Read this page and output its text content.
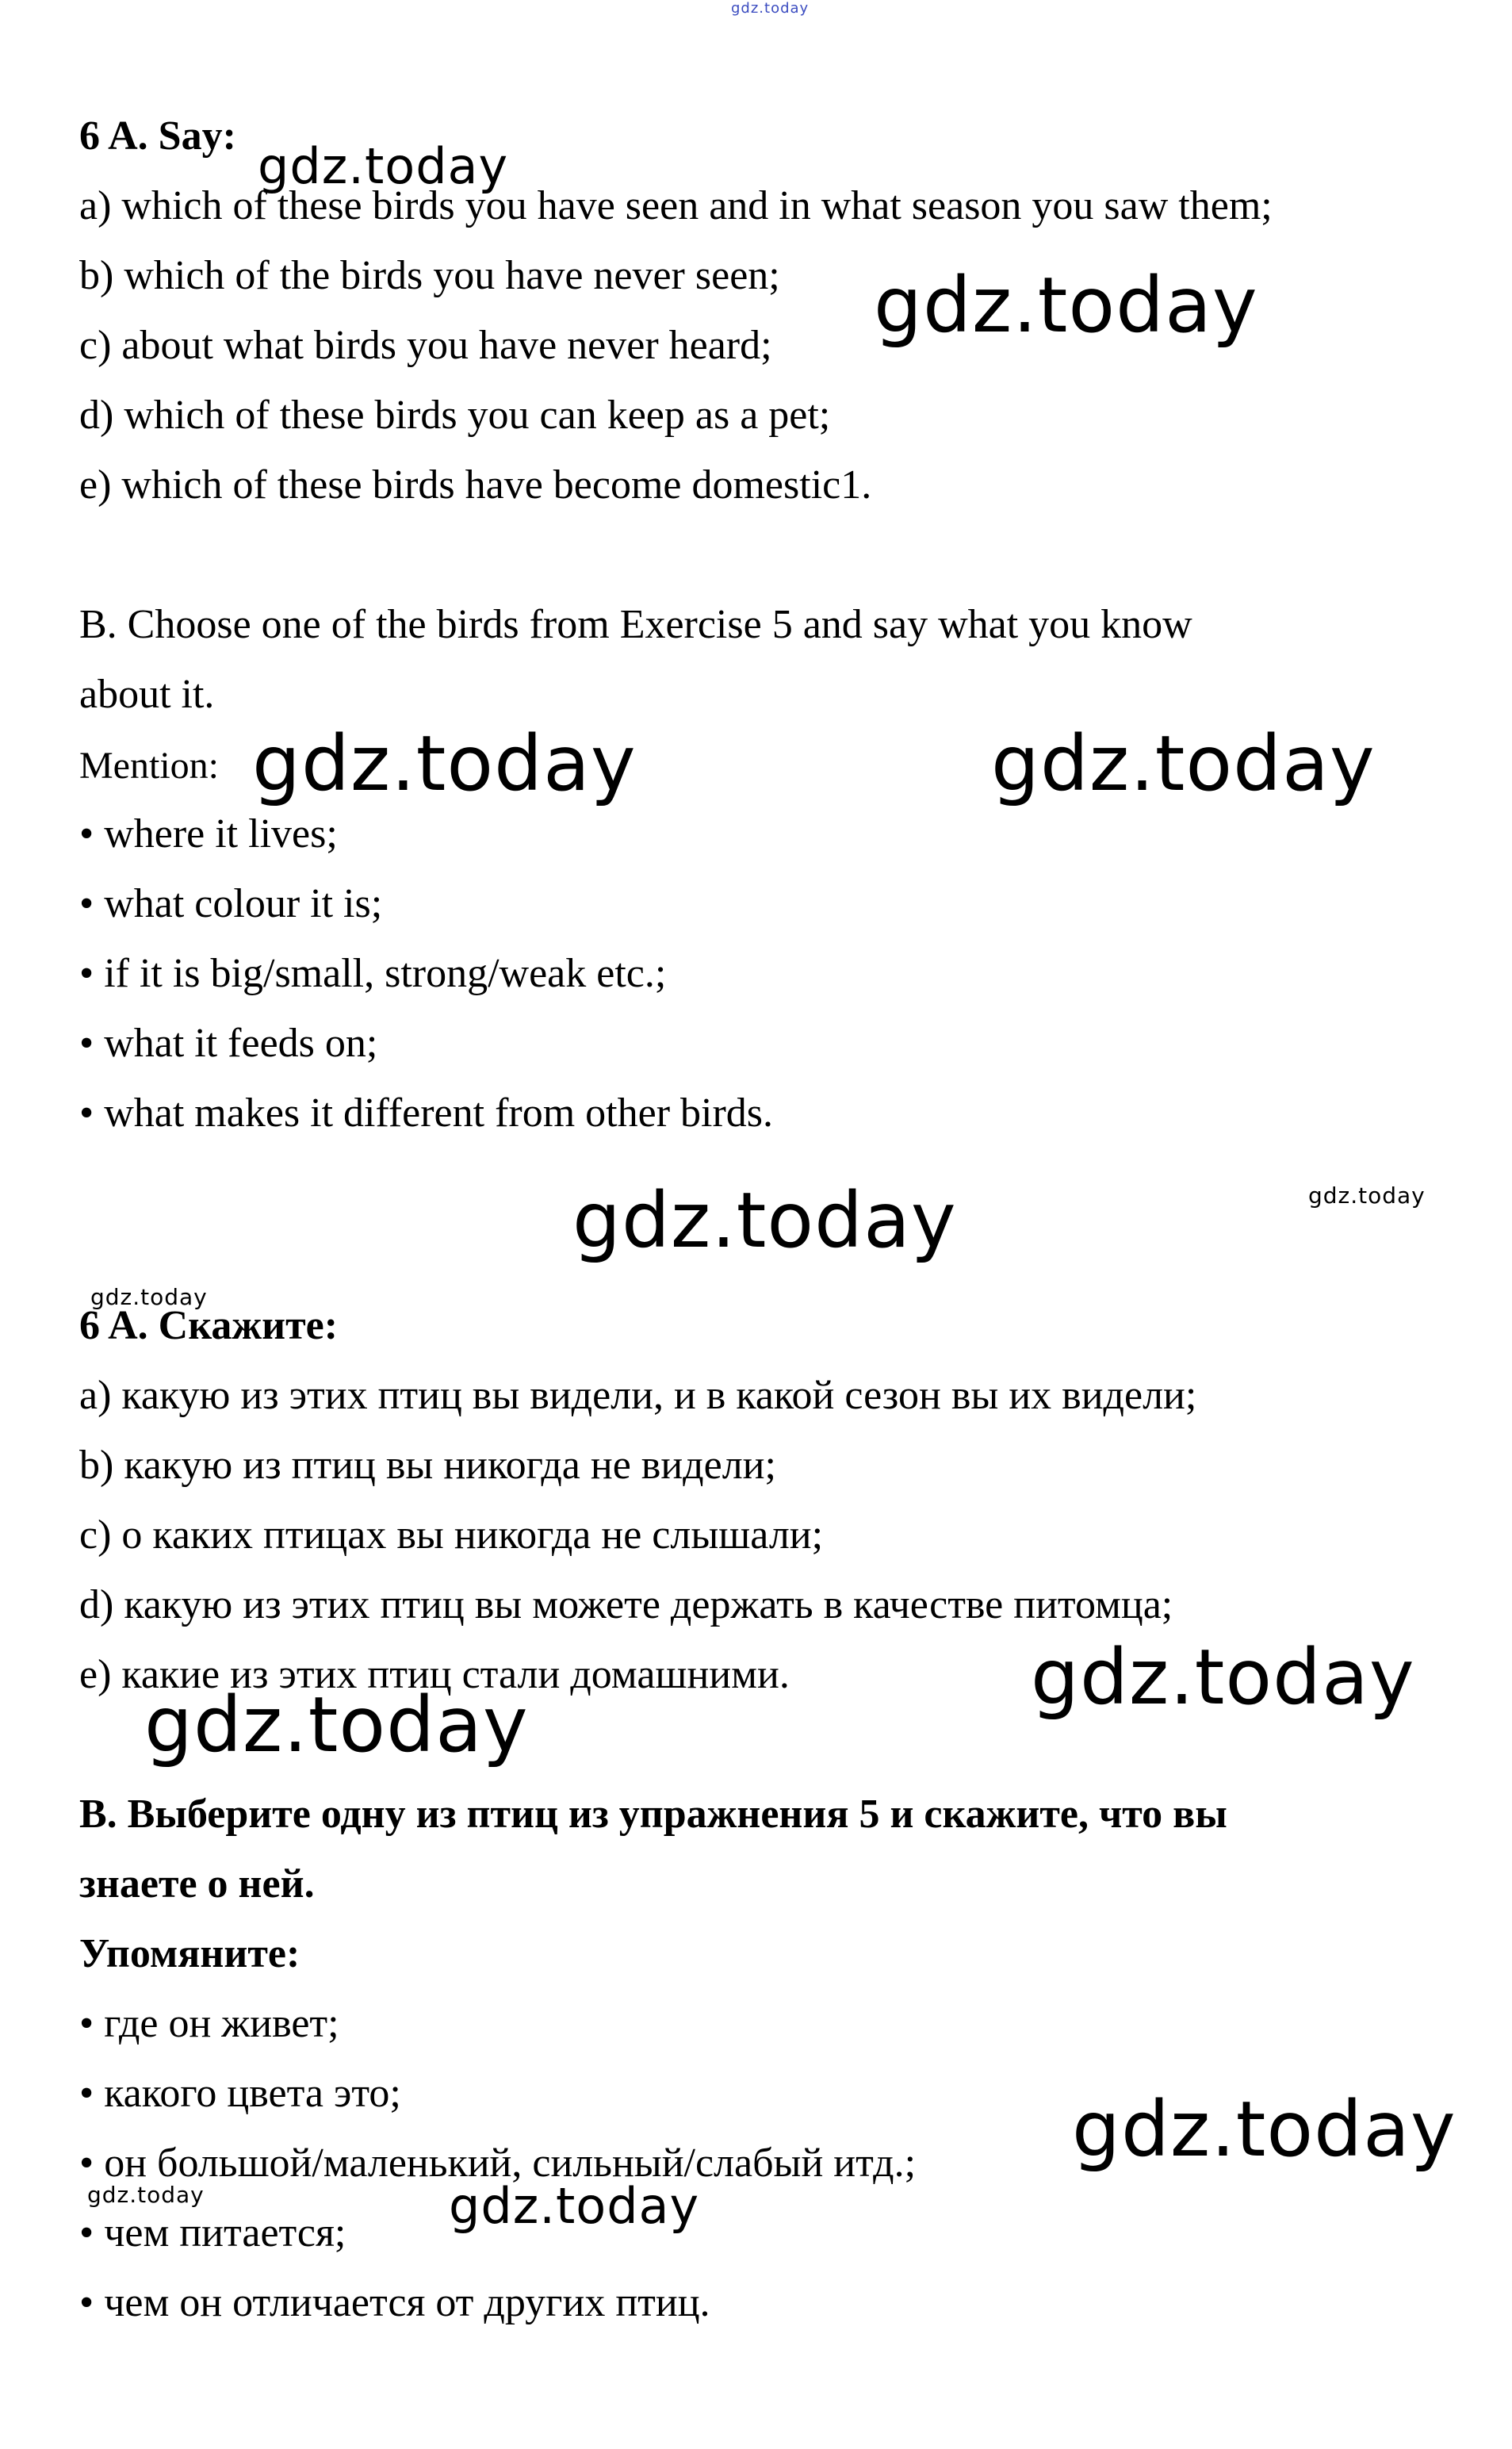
gdz.today
gdz.today
gdz.today
gdz.today	gdz.today
gdz.today	gdz.today
gdz.today
gdz.today
gdz.today
gdz.today
gdz.today	gdz.today

6 A. Say:

a) which of these birds you have seen and in what season you saw them;

b) which of the birds you have never seen;

c) about what birds you have never heard;

d) which of these birds you can keep as a pet;

e) which of these birds have become domestic1.

B. Choose one of the birds from Exercise 5 and say what you know

about it.

Mention:

• where it lives;

• what colour it is;

• if it is big/small, strong/weak etc.;

• what it feeds on;

• what makes it different from other birds.

6 A. Скажите:

a) какую из этих птиц вы видели, и в какой сезон вы их видели;

b) какую из птиц вы никогда не видели;

c) о каких птицах вы никогда не слышали;

d) какую из этих птиц вы можете держать в качестве питомца;

e) какие из этих птиц стали домашними.

B. Выберите одну из птиц из упражнения 5 и скажите, что вы

знаете о ней.

Упомяните:

• где он живет;

• какого цвета это;

• он большой/маленький, сильный/слабый итд.;

• чем питается;

• чем он отличается от других птиц.
